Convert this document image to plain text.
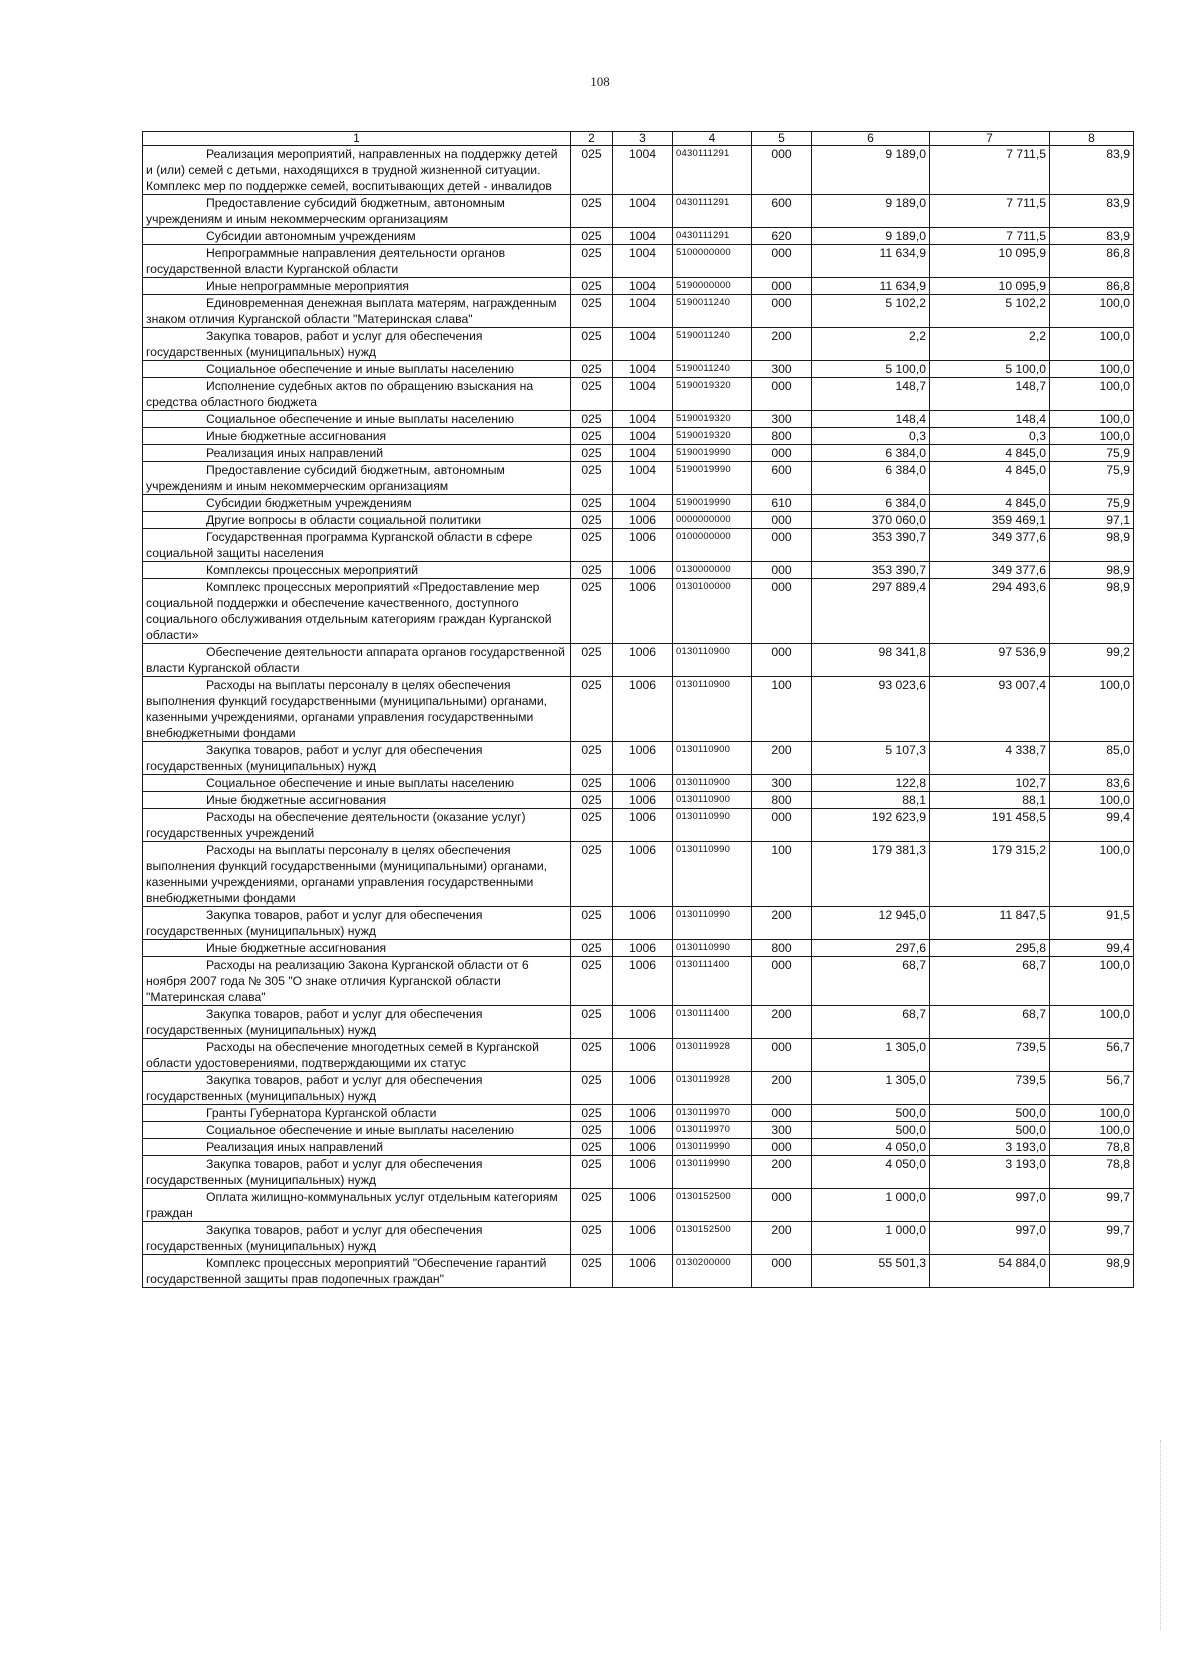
108
1	2	3	4	5	6	7	8
Реализация мероприятий, направленных на поддержку детей и (или) семей с детьми, находящихся в трудной жизненной ситуации. Комплекс мер по поддержке семей, воспитывающих детей - инвалидов	025	1004	0430111291	000	9 189,0	7 711,5	83,9
Предоставление субсидий бюджетным, автономным учреждениям и иным некоммерческим организациям	025	1004	0430111291	600	9 189,0	7 711,5	83,9
Субсидии автономным учреждениям	025	1004	0430111291	620	9 189,0	7 711,5	83,9
Непрограммные направления деятельности органов государственной власти Курганской области	025	1004	5100000000	000	11 634,9	10 095,9	86,8
Иные непрограммные мероприятия	025	1004	5190000000	000	11 634,9	10 095,9	86,8
Единовременная денежная выплата матерям, награжденным знаком отличия Курганской области "Материнская слава"	025	1004	5190011240	000	5 102,2	5 102,2	100,0
Закупка товаров, работ и услуг для обеспечения государственных (муниципальных) нужд	025	1004	5190011240	200	2,2	2,2	100,0
Социальное обеспечение и иные выплаты населению	025	1004	5190011240	300	5 100,0	5 100,0	100,0
Исполнение судебных актов по обращению взыскания на средства областного бюджета	025	1004	5190019320	000	148,7	148,7	100,0
Социальное обеспечение и иные выплаты населению	025	1004	5190019320	300	148,4	148,4	100,0
Иные бюджетные ассигнования	025	1004	5190019320	800	0,3	0,3	100,0
Реализация иных направлений	025	1004	5190019990	000	6 384,0	4 845,0	75,9
Предоставление субсидий бюджетным, автономным учреждениям и иным некоммерческим организациям	025	1004	5190019990	600	6 384,0	4 845,0	75,9
Субсидии бюджетным учреждениям	025	1004	5190019990	610	6 384,0	4 845,0	75,9
Другие вопросы в области социальной политики	025	1006	0000000000	000	370 060,0	359 469,1	97,1
Государственная программа Курганской области в сфере социальной защиты населения	025	1006	0100000000	000	353 390,7	349 377,6	98,9
Комплексы процессных мероприятий	025	1006	0130000000	000	353 390,7	349 377,6	98,9
Комплекс процессных мероприятий «Предоставление мер социальной поддержки и обеспечение качественного, доступного социального обслуживания отдельным категориям граждан Курганской области»	025	1006	0130100000	000	297 889,4	294 493,6	98,9
Обеспечение деятельности аппарата органов государственной власти Курганской области	025	1006	0130110900	000	98 341,8	97 536,9	99,2
Расходы на выплаты персоналу в целях обеспечения выполнения функций государственными (муниципальными) органами, казенными учреждениями, органами управления государственными внебюджетными фондами	025	1006	0130110900	100	93 023,6	93 007,4	100,0
Закупка товаров, работ и услуг для обеспечения государственных (муниципальных) нужд	025	1006	0130110900	200	5 107,3	4 338,7	85,0
Социальное обеспечение и иные выплаты населению	025	1006	0130110900	300	122,8	102,7	83,6
Иные бюджетные ассигнования	025	1006	0130110900	800	88,1	88,1	100,0
Расходы на обеспечение деятельности (оказание услуг) государственных учреждений	025	1006	0130110990	000	192 623,9	191 458,5	99,4
Расходы на выплаты персоналу в целях обеспечения выполнения функций государственными (муниципальными) органами, казенными учреждениями, органами управления государственными внебюджетными фондами	025	1006	0130110990	100	179 381,3	179 315,2	100,0
Закупка товаров, работ и услуг для обеспечения государственных (муниципальных) нужд	025	1006	0130110990	200	12 945,0	11 847,5	91,5
Иные бюджетные ассигнования	025	1006	0130110990	800	297,6	295,8	99,4
Расходы на реализацию Закона Курганской области от 6 ноября 2007 года № 305 "О знаке отличия Курганской области "Материнская слава"	025	1006	0130111400	000	68,7	68,7	100,0
Закупка товаров, работ и услуг для обеспечения государственных (муниципальных) нужд	025	1006	0130111400	200	68,7	68,7	100,0
Расходы на обеспечение многодетных семей в Курганской области удостоверениями, подтверждающими их статус	025	1006	0130119928	000	1 305,0	739,5	56,7
Закупка товаров, работ и услуг для обеспечения государственных (муниципальных) нужд	025	1006	0130119928	200	1 305,0	739,5	56,7
Гранты Губернатора Курганской области	025	1006	0130119970	000	500,0	500,0	100,0
Социальное обеспечение и иные выплаты населению	025	1006	0130119970	300	500,0	500,0	100,0
Реализация иных направлений	025	1006	0130119990	000	4 050,0	3 193,0	78,8
Закупка товаров, работ и услуг для обеспечения государственных (муниципальных) нужд	025	1006	0130119990	200	4 050,0	3 193,0	78,8
Оплата жилищно-коммунальных услуг отдельным категориям граждан	025	1006	0130152500	000	1 000,0	997,0	99,7
Закупка товаров, работ и услуг для обеспечения государственных (муниципальных) нужд	025	1006	0130152500	200	1 000,0	997,0	99,7
Комплекс процессных мероприятий "Обеспечение гарантий государственной защиты прав подопечных граждан"	025	1006	0130200000	000	55 501,3	54 884,0	98,9
